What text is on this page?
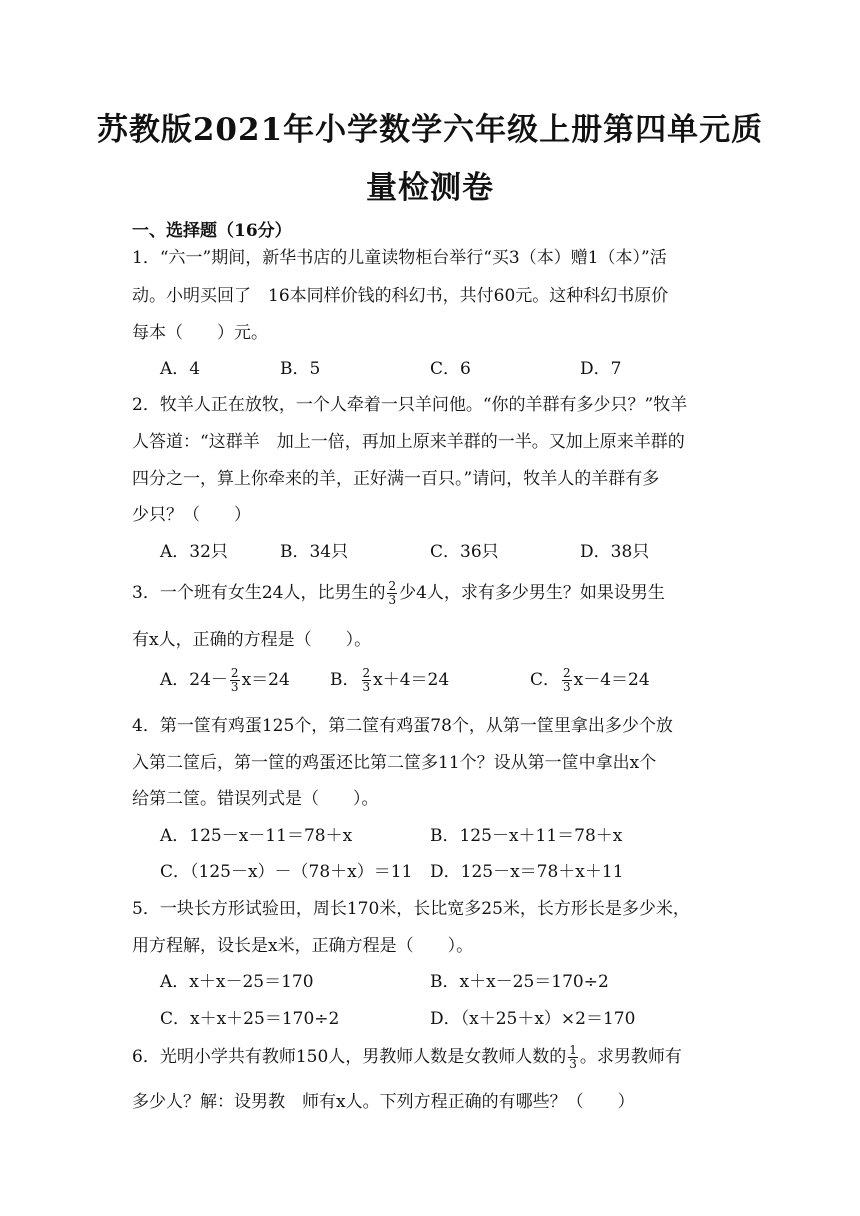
苏教版2021年小学数学六年级上册第四单元质
量检测卷
一、选择题（16分）
1．“六一”期间，新华书店的儿童读物柜台举行“买3（本）赠1（本）”活
动。小明买回了　16本同样价钱的科幻书，共付60元。这种科幻书原价
每本（　　）元。
A．4	B．5	C．6	D．7
2．牧羊人正在放牧，一个人牵着一只羊问他。“你的羊群有多少只？”牧羊
人答道：“这群羊　加上一倍，再加上原来羊群的一半。又加上原来羊群的
四分之一，算上你牵来的羊，正好满一百只。”请问，牧羊人的羊群有多
少只？（　　）
A．32只	B．34只	C．36只	D．38只
3．一个班有女生24人，比男生的 $\frac{2}{3}$ 少4人，求有多少男生？如果设男生
有x人，正确的方程是（　　）。
A．$24- \frac{2}{3} x=24$ B． $\frac{2}{3} x+4=24$	C． $\frac{2}{3} x-4=24$
4．第一筐有鸡蛋125个，第二筐有鸡蛋78个，从第一筐里拿出多少个放
入第二筐后，第一筐的鸡蛋还比第二筐多11个？设从第一筐中拿出x个
给第二筐。错误列式是（　　）。
A．125－x－11＝78＋x	B．125－x＋11＝78＋x
C．（125－x）－（78＋x）＝11 D．125－x＝78＋x＋11
5．一块长方形试验田，周长170米，长比宽多25米，长方形长是多少米，
用方程解，设长是x米，正确方程是（　　）。
A．x＋x－25＝170	B．x＋x－25＝170÷2
C．x＋x＋25＝170÷2	D．（x＋25＋x）×2＝170
6．光明小学共有教师150人，男教师人数是女教师人数的 $\frac{1}{3}$ 。求男教师有
多少人？解：设男教　师有x人。下列方程正确的有哪些？（　　）
